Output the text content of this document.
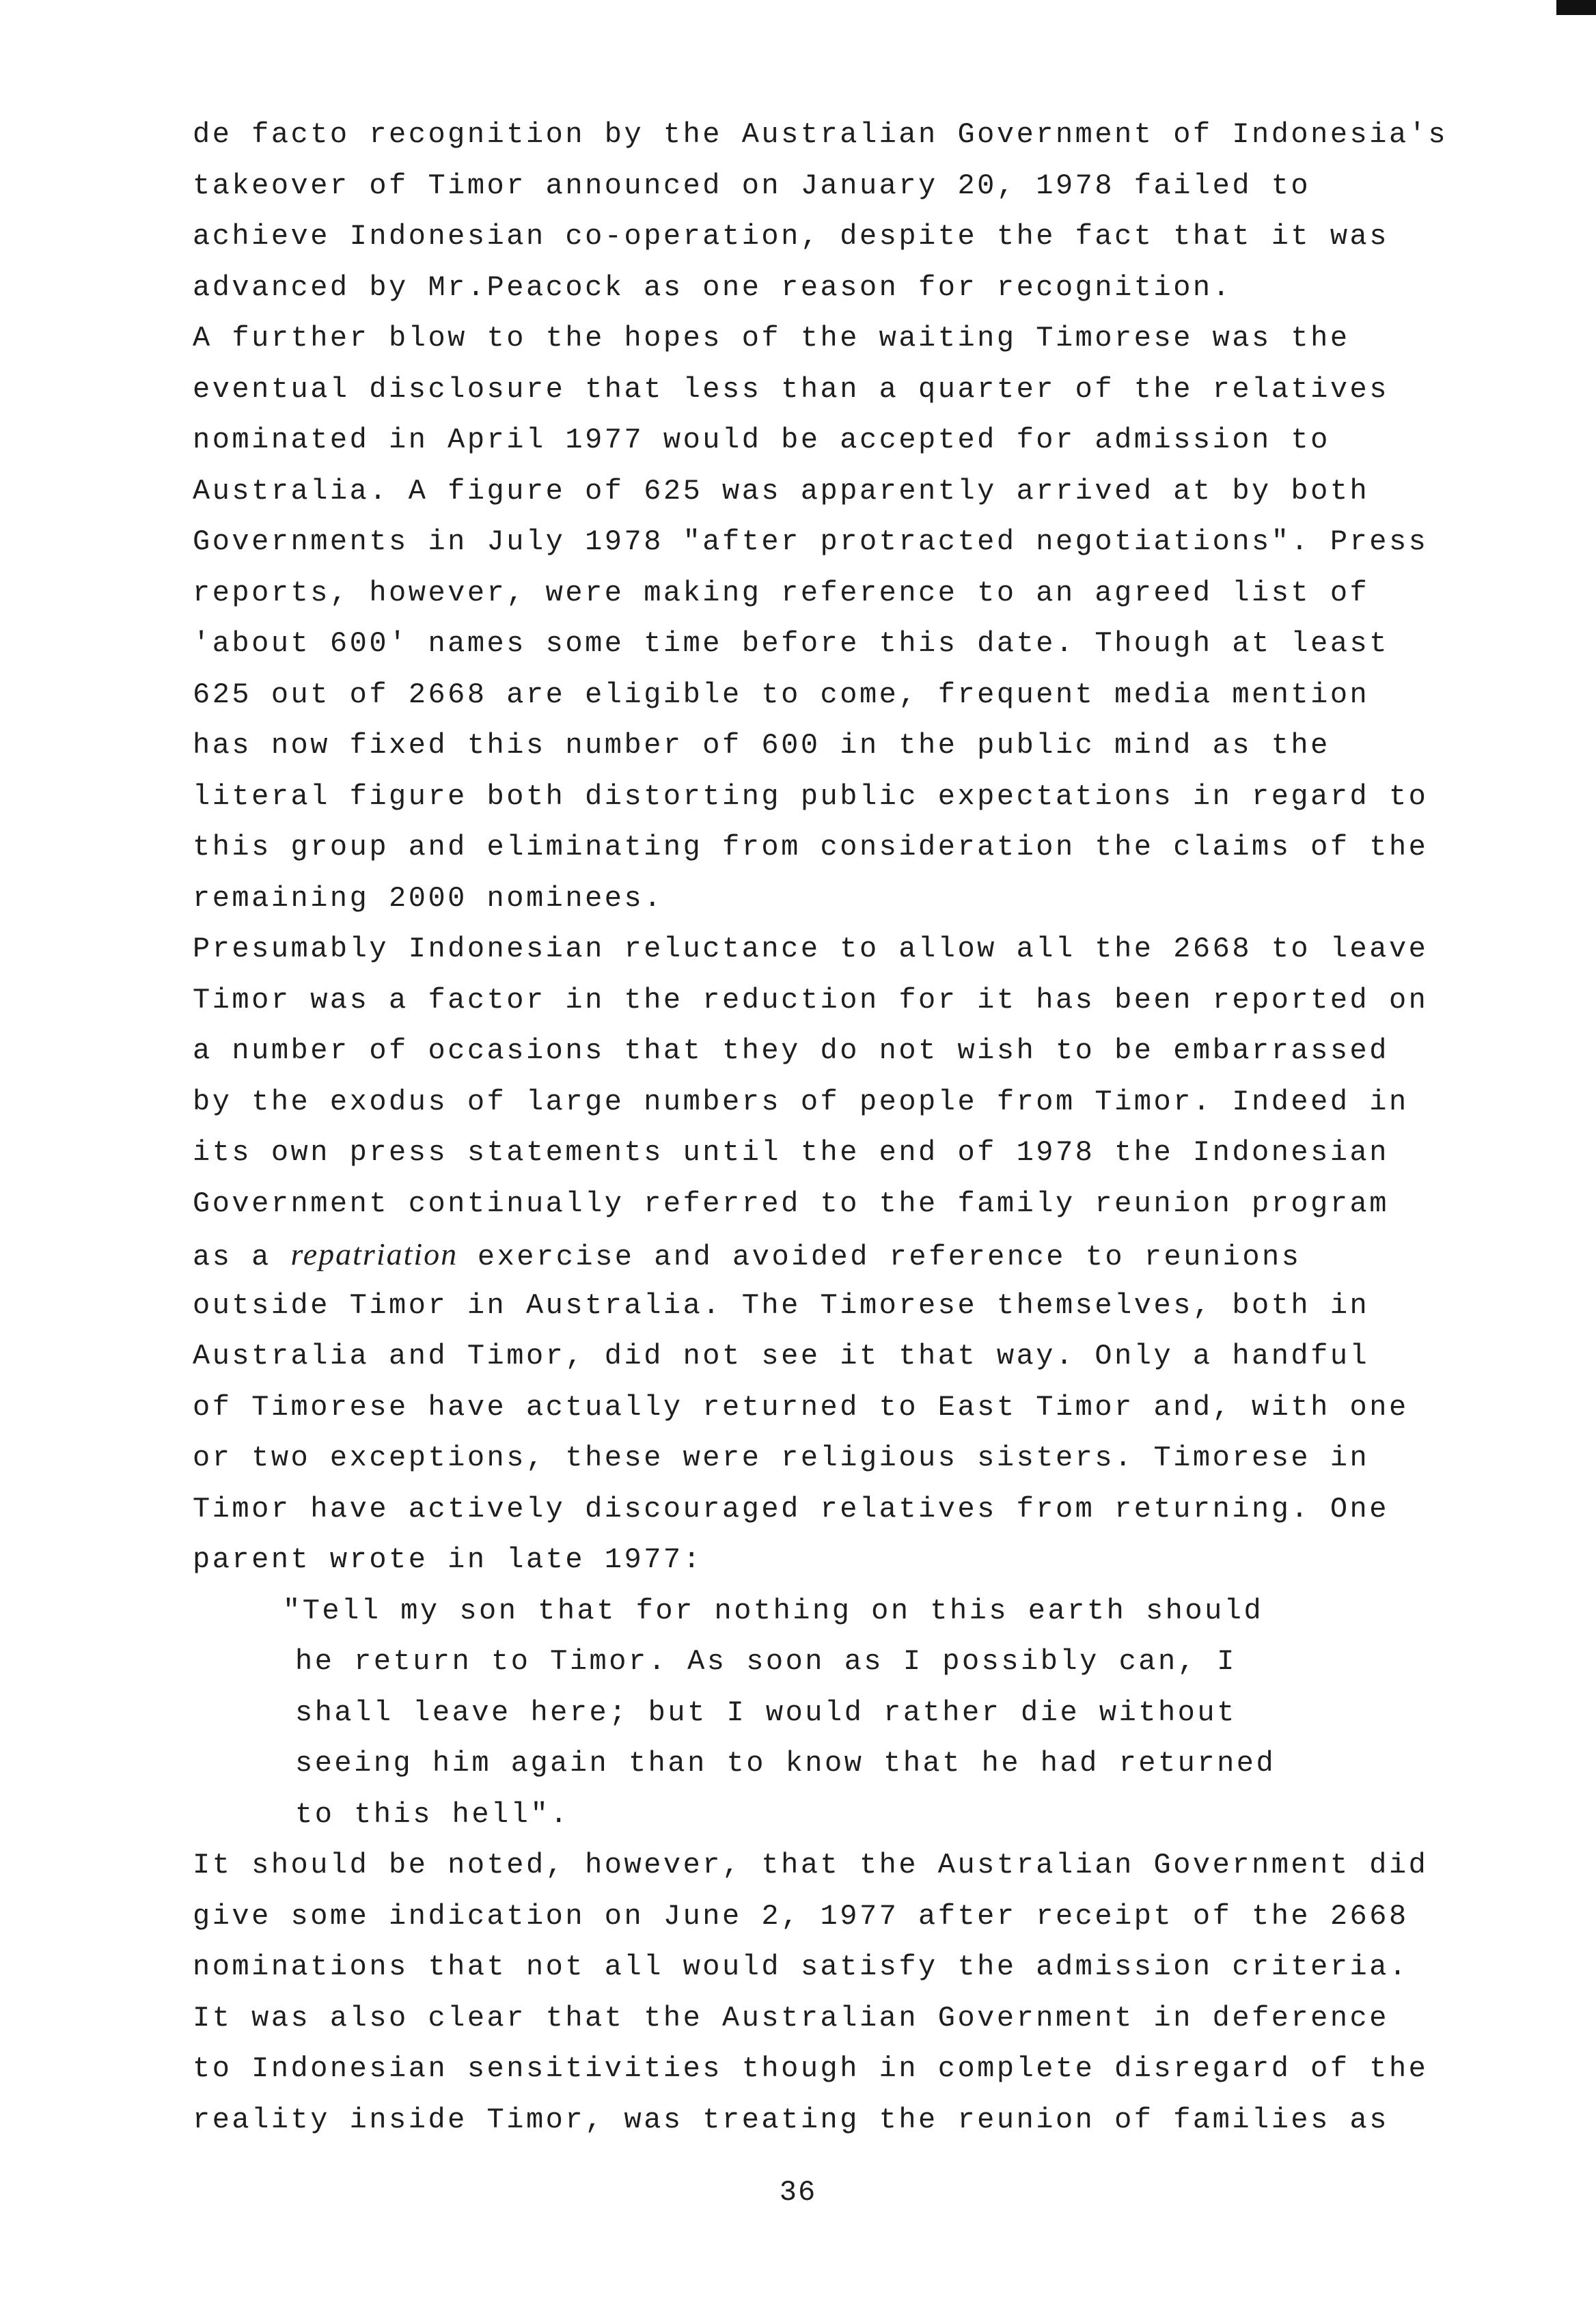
de facto recognition by the Australian Government of Indonesia's
takeover of Timor announced on January 20, 1978 failed to
achieve Indonesian co-operation, despite the fact that it was
advanced by Mr.Peacock as one reason for recognition.
A further blow to the hopes of the waiting Timorese was the
eventual disclosure that less than a quarter of the relatives
nominated in April 1977 would be accepted for admission to
Australia. A figure of 625 was apparently arrived at by both
Governments in July 1978 "after protracted negotiations". Press
reports, however, were making reference to an agreed list of
'about 600' names some time before this date. Though at least
625 out of 2668 are eligible to come, frequent media mention
has now fixed this number of 600 in the public mind as the
literal figure both distorting public expectations in regard to
this group and eliminating from consideration the claims of the
remaining 2000 nominees.
Presumably Indonesian reluctance to allow all the 2668 to leave
Timor was a factor in the reduction for it has been reported on
a number of occasions that they do not wish to be embarrassed
by the exodus of large numbers of people from Timor. Indeed in
its own press statements until the end of 1978 the Indonesian
Government continually referred to the family reunion program
as a repatriation exercise and avoided reference to reunions
outside Timor in Australia. The Timorese themselves, both in
Australia and Timor, did not see it that way. Only a handful
of Timorese have actually returned to East Timor and, with one
or two exceptions, these were religious sisters. Timorese in
Timor have actively discouraged relatives from returning. One
parent wrote in late 1977:
"Tell my son that for nothing on this earth should
he return to Timor. As soon as I possibly can, I
shall leave here; but I would rather die without
seeing him again than to know that he had returned
to this hell".
It should be noted, however, that the Australian Government did
give some indication on June 2, 1977 after receipt of the 2668
nominations that not all would satisfy the admission criteria.
It was also clear that the Australian Government in deference
to Indonesian sensitivities though in complete disregard of the
reality inside Timor, was treating the reunion of families as
36
